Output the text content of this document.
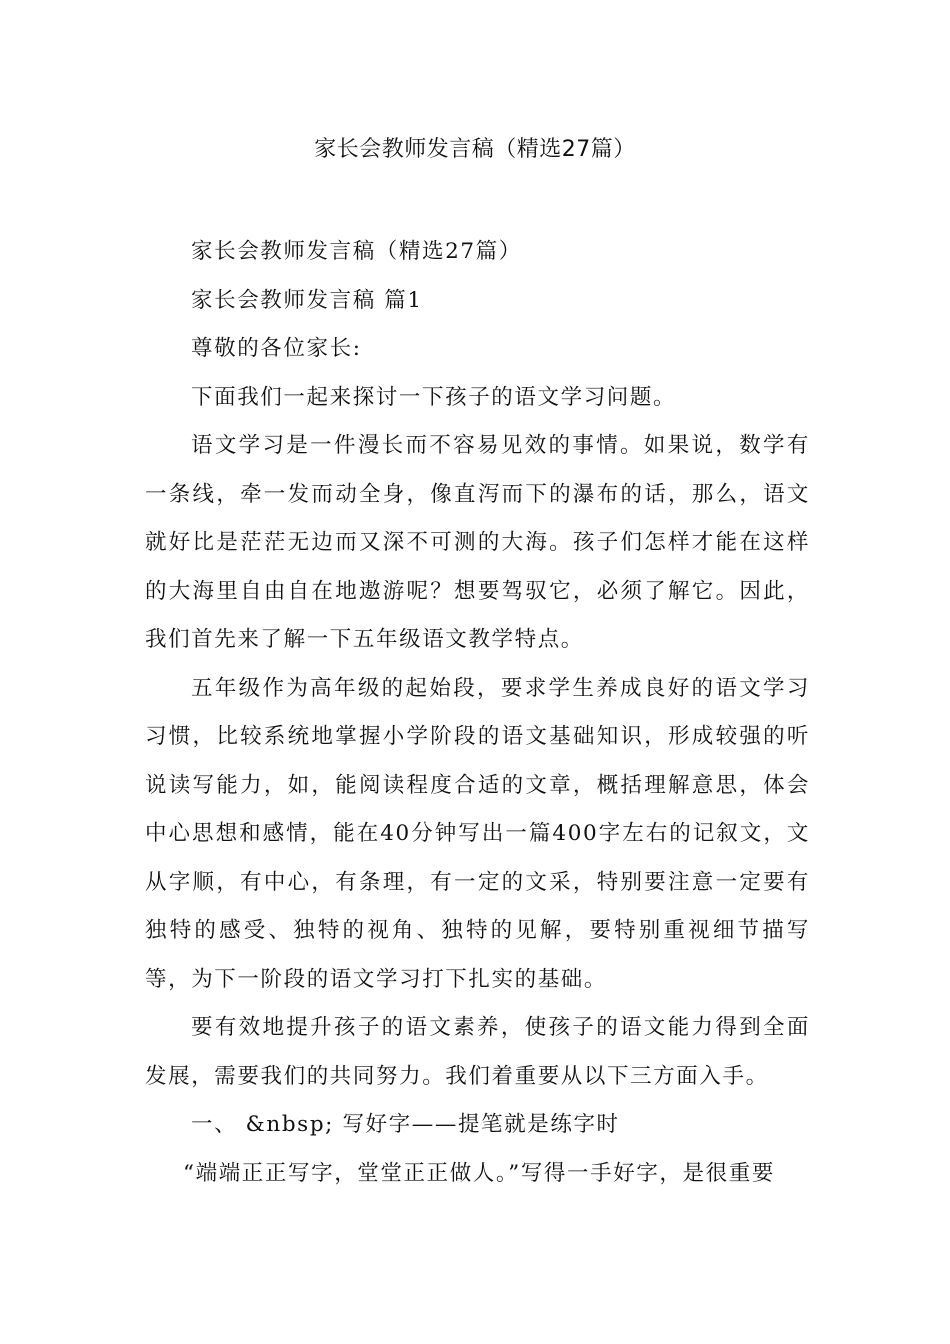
家长会教师发言稿（精选27篇）

家长会教师发言稿（精选27篇）

家长会教师发言稿 篇1

尊敬的各位家长:

下面我们一起来探讨一下孩子的语文学习问题。

语文学习是一件漫长而不容易见效的事情。如果说，数学有一条线，牵一发而动全身，像直泻而下的瀑布的话，那么，语文就好比是茫茫无边而又深不可测的大海。孩子们怎样才能在这样的大海里自由自在地遨游呢？想要驾驭它，必须了解它。因此，我们首先来了解一下五年级语文教学特点。

五年级作为高年级的起始段，要求学生养成良好的语文学习习惯，比较系统地掌握小学阶段的语文基础知识，形成较强的听说读写能力，如，能阅读程度合适的文章，概括理解意思，体会中心思想和感情，能在40分钟写出一篇400字左右的记叙文，文从字顺，有中心，有条理，有一定的文采，特别要注意一定要有独特的感受、独特的视角、独特的见解，要特别重视细节描写等，为下一阶段的语文学习打下扎实的基础。

要有效地提升孩子的语文素养，使孩子的语文能力得到全面发展，需要我们的共同努力。我们着重要从以下三方面入手。

一、 &nbsp; 写好字——提笔就是练字时

“端端正正写字，堂堂正正做人。”写得一手好字，是很重要
